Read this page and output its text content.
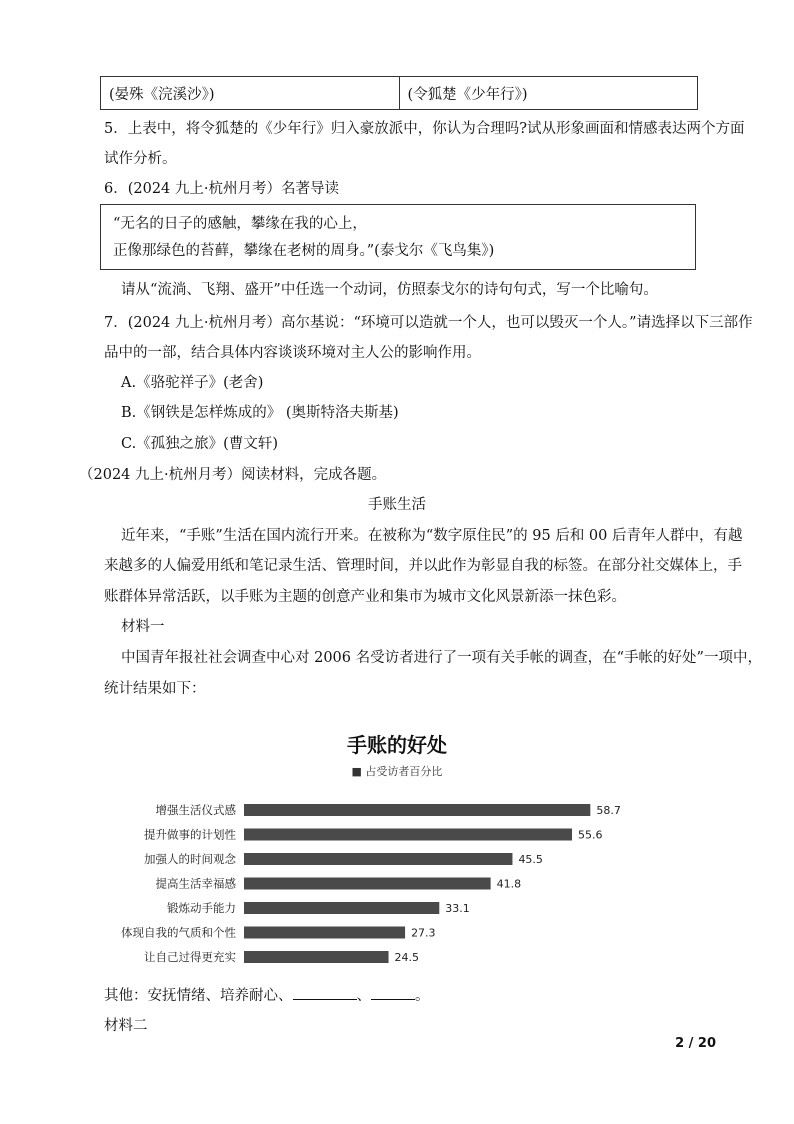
(晏殊《浣溪沙》)	(令狐楚《少年行》)
5．上表中，将令狐楚的《少年行》归入豪放派中，你认为合理吗?试从形象画面和情感表达两个方面
试作分析。
6．(2024 九上·杭州月考）名著导读
“无名的日子的感触，攀缘在我的心上，
正像那绿色的苔藓，攀缘在老树的周身。”(泰戈尔《飞鸟集》)
请从“流淌、飞翔、盛开”中任选一个动词，仿照泰戈尔的诗句句式，写一个比喻句。
7．(2024 九上·杭州月考）高尔基说：“环境可以造就一个人，也可以毁灭一个人。”请选择以下三部作
品中的一部，结合具体内容谈谈环境对主人公的影响作用。
A.《骆驼祥子》(老舍)
B.《钢铁是怎样炼成的》 (奥斯特洛夫斯基)
C.《孤独之旅》(曹文轩)
（2024 九上·杭州月考）阅读材料，完成各题。
手账生活
近年来，“手账”生活在国内流行开来。在被称为“数字原住民”的 95 后和 00 后青年人群中，有越
来越多的人偏爱用纸和笔记录生活、管理时间，并以此作为彰显自我的标签。在部分社交媒体上，手
账群体异常活跃，以手账为主题的创意产业和集市为城市文化风景新添一抹色彩。
材料一
中国青年报社社会调查中心对 2006 名受访者进行了一项有关手帐的调查，在“手帐的好处”一项中，
统计结果如下：
手账的好处
■ 占受访者百分比
增强生活仪式感	58.7
提升做事的计划性	55.6
加强人的时间观念	45.5
提高生活幸福感	41.8
锻炼动手能力	33.1
体现自我的气质和个性	27.3
让自己过得更充实	24.5
其他：安抚情绪、培养耐心、	、	。
材料二
2 / 20
